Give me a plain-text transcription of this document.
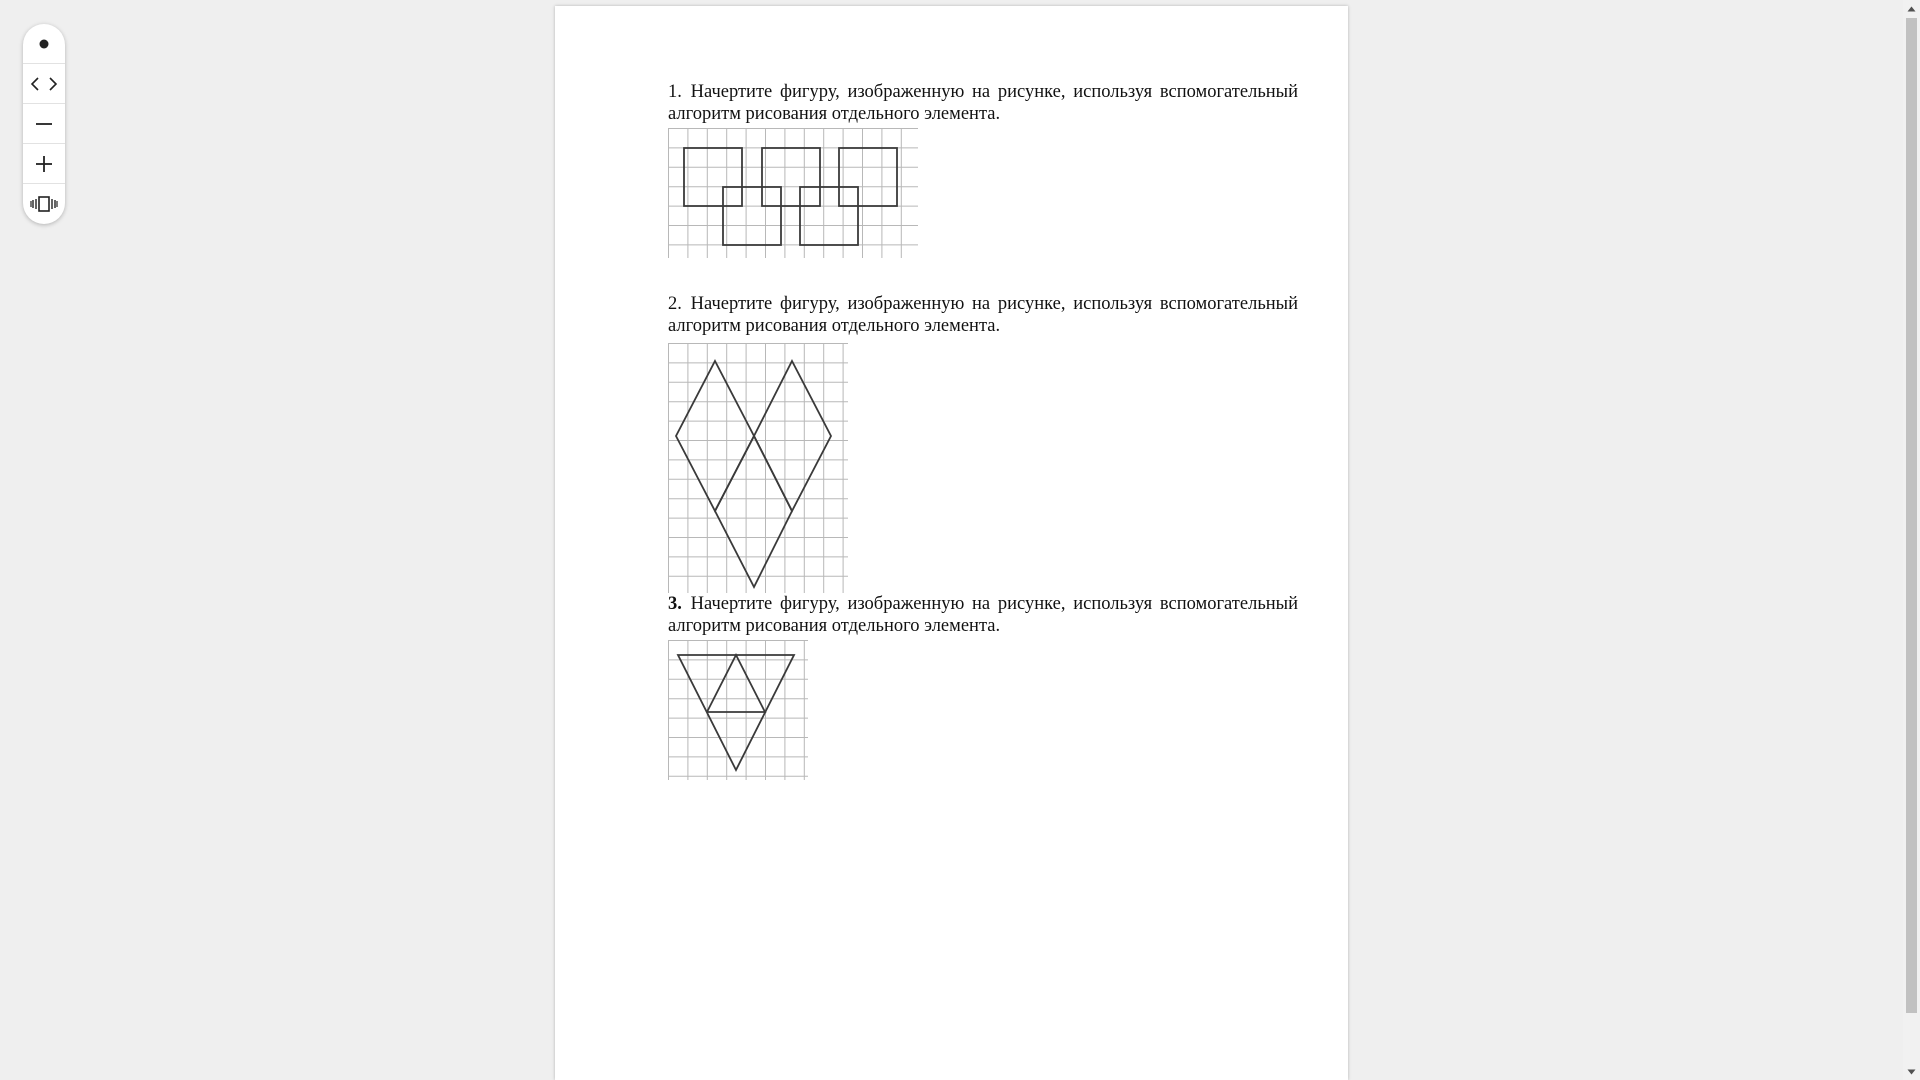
1. Начертите фигуру, изображенную на рисунке, используя вспомогательный алгоритм рисования отдельного элемента.
2. Начертите фигуру, изображенную на рисунке, используя вспомогательный алгоритм рисования отдельного элемента.
3. Начертите фигуру, изображенную на рисунке, используя вспомогательный алгоритм рисования отдельного элемента.
